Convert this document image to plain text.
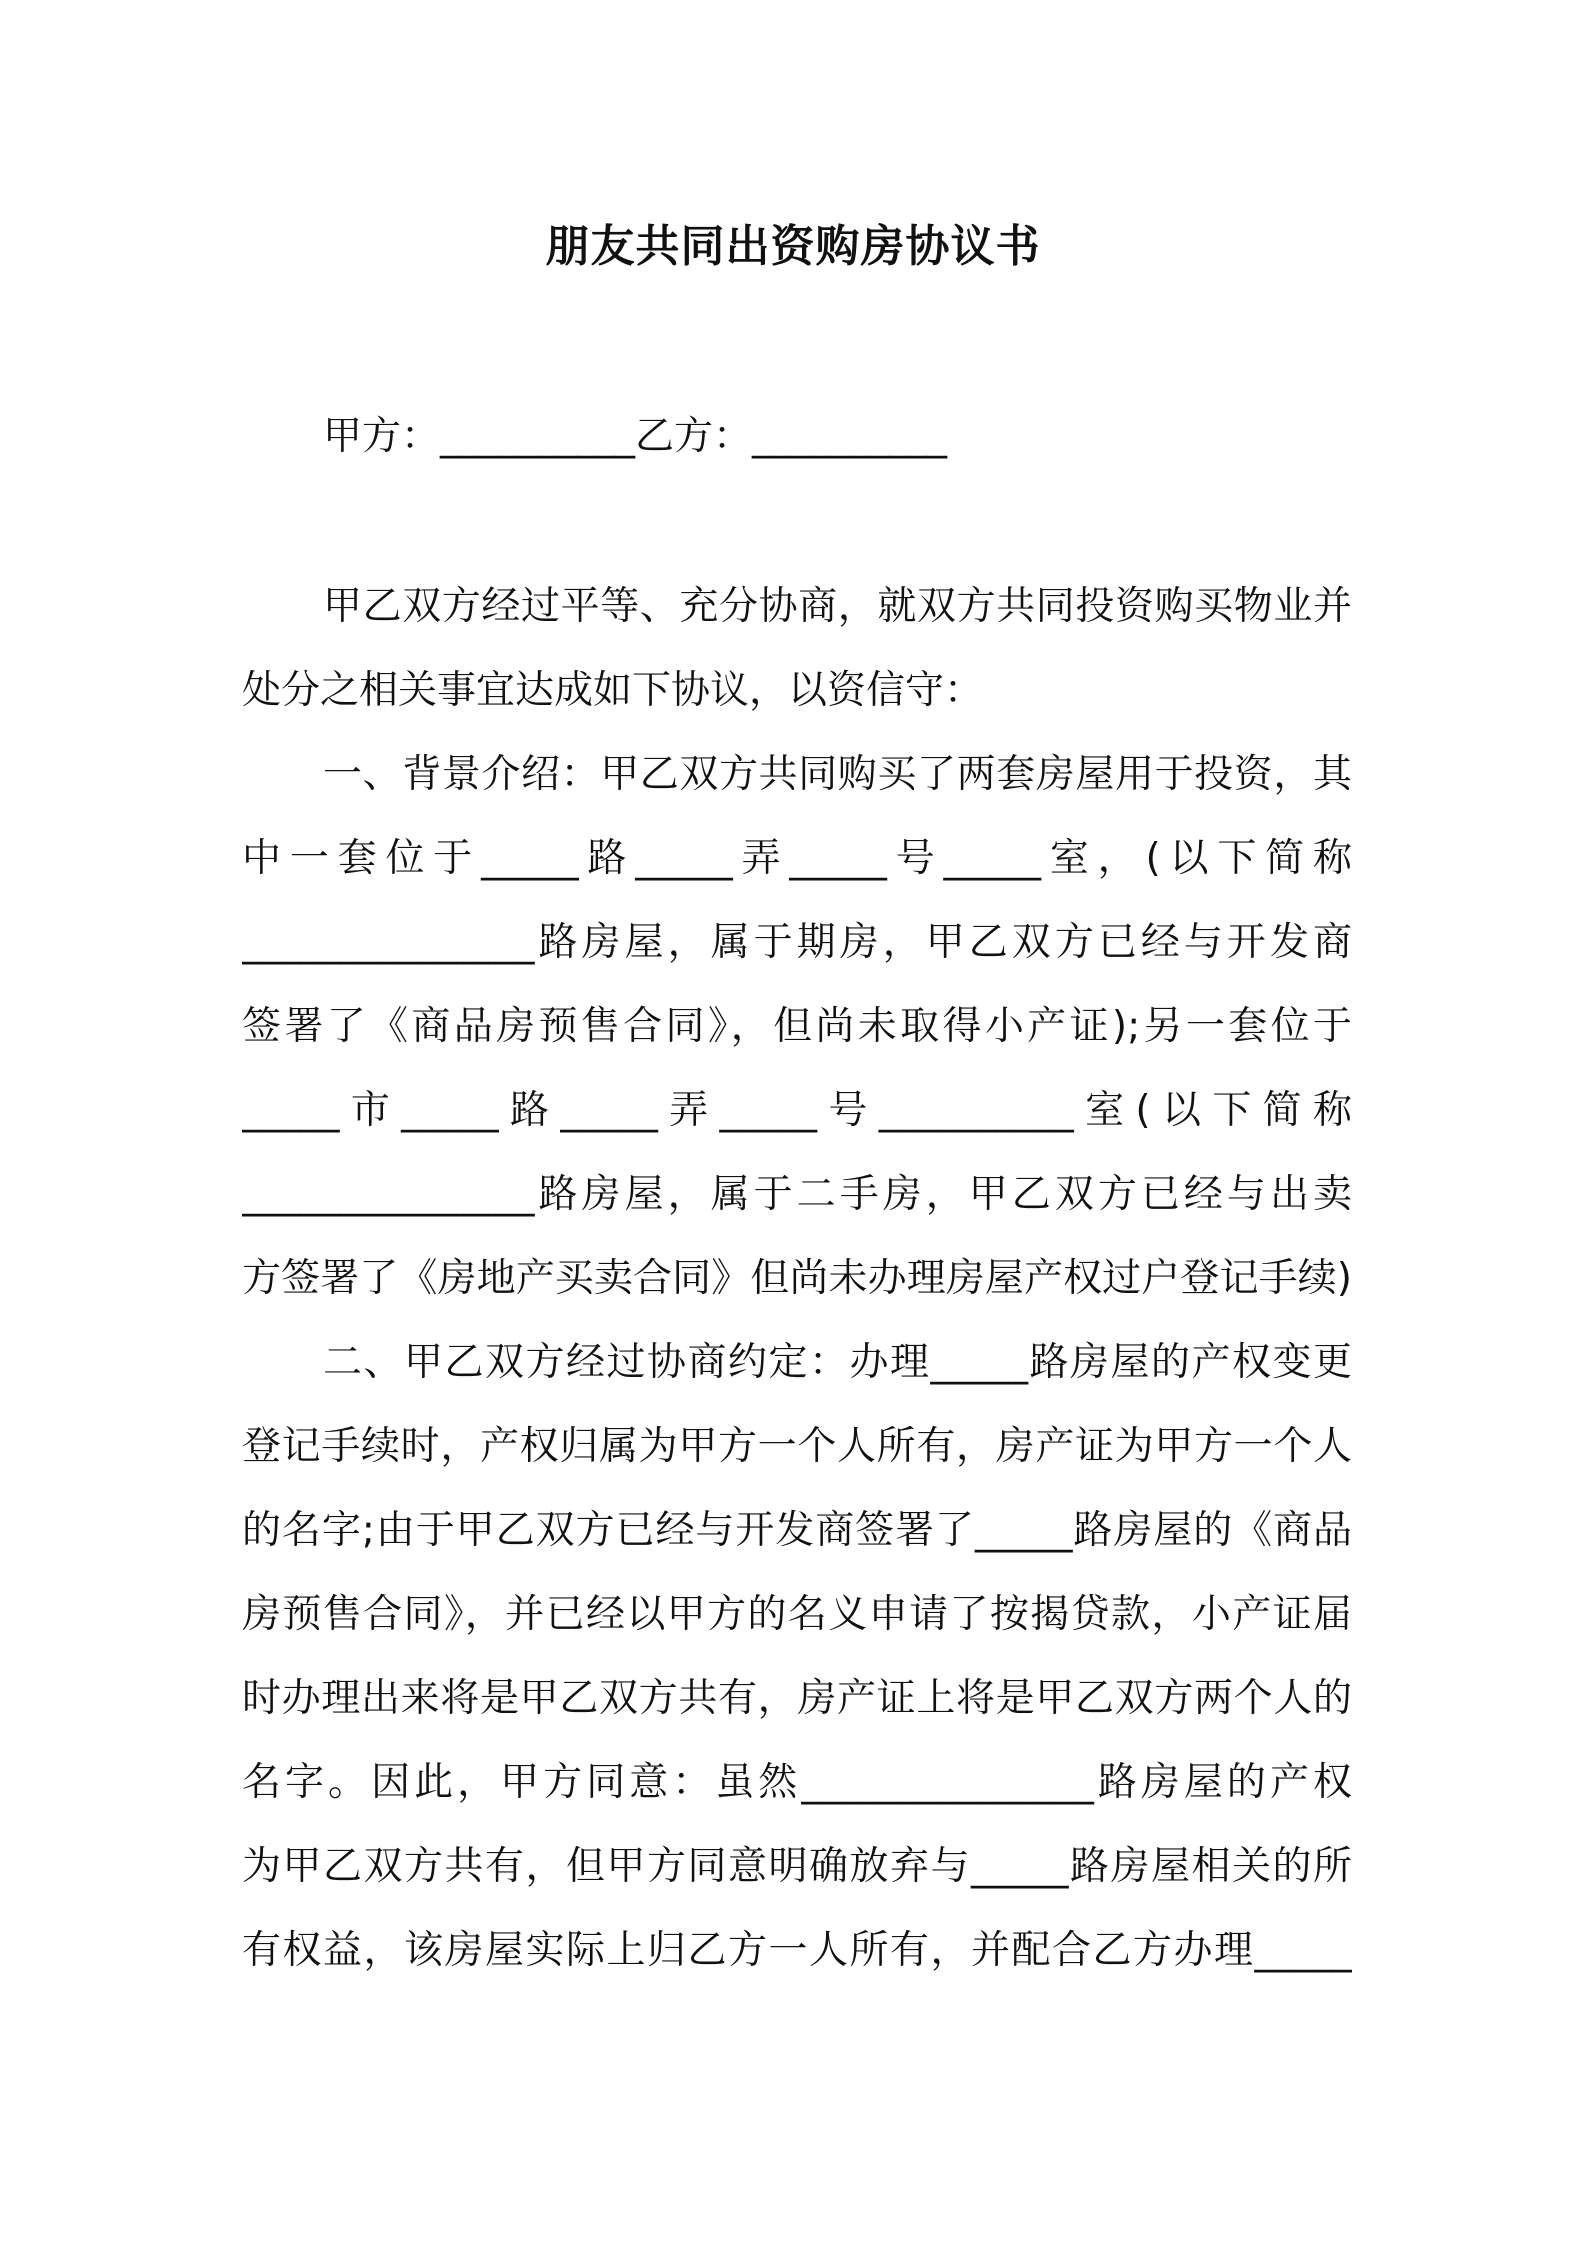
朋友共同出资购房协议书
甲方：__________乙方：__________
甲乙双方经过平等、充分协商，就双方共同投资购买物业并
处分之相关事宜达成如下协议，以资信守：
一、背景介绍：甲乙双方共同购买了两套房屋用于投资，其
中一套位于_____路_____弄_____号_____室，(以下简称
_______________路房屋，属于期房，甲乙双方已经与开发商
签署了《商品房预售合同》，但尚未取得小产证);另一套位于
_____市_____路_____弄_____号__________室(以下简称
_______________路房屋，属于二手房，甲乙双方已经与出卖
方签署了《房地产买卖合同》但尚未办理房屋产权过户登记手续)
二、甲乙双方经过协商约定：办理_____路房屋的产权变更
登记手续时，产权归属为甲方一个人所有，房产证为甲方一个人
的名字;由于甲乙双方已经与开发商签署了_____路房屋的《商品
房预售合同》，并已经以甲方的名义申请了按揭贷款，小产证届
时办理出来将是甲乙双方共有，房产证上将是甲乙双方两个人的
名字。因此，甲方同意：虽然_______________路房屋的产权
为甲乙双方共有，但甲方同意明确放弃与_____路房屋相关的所
有权益，该房屋实际上归乙方一人所有，并配合乙方办理_____
